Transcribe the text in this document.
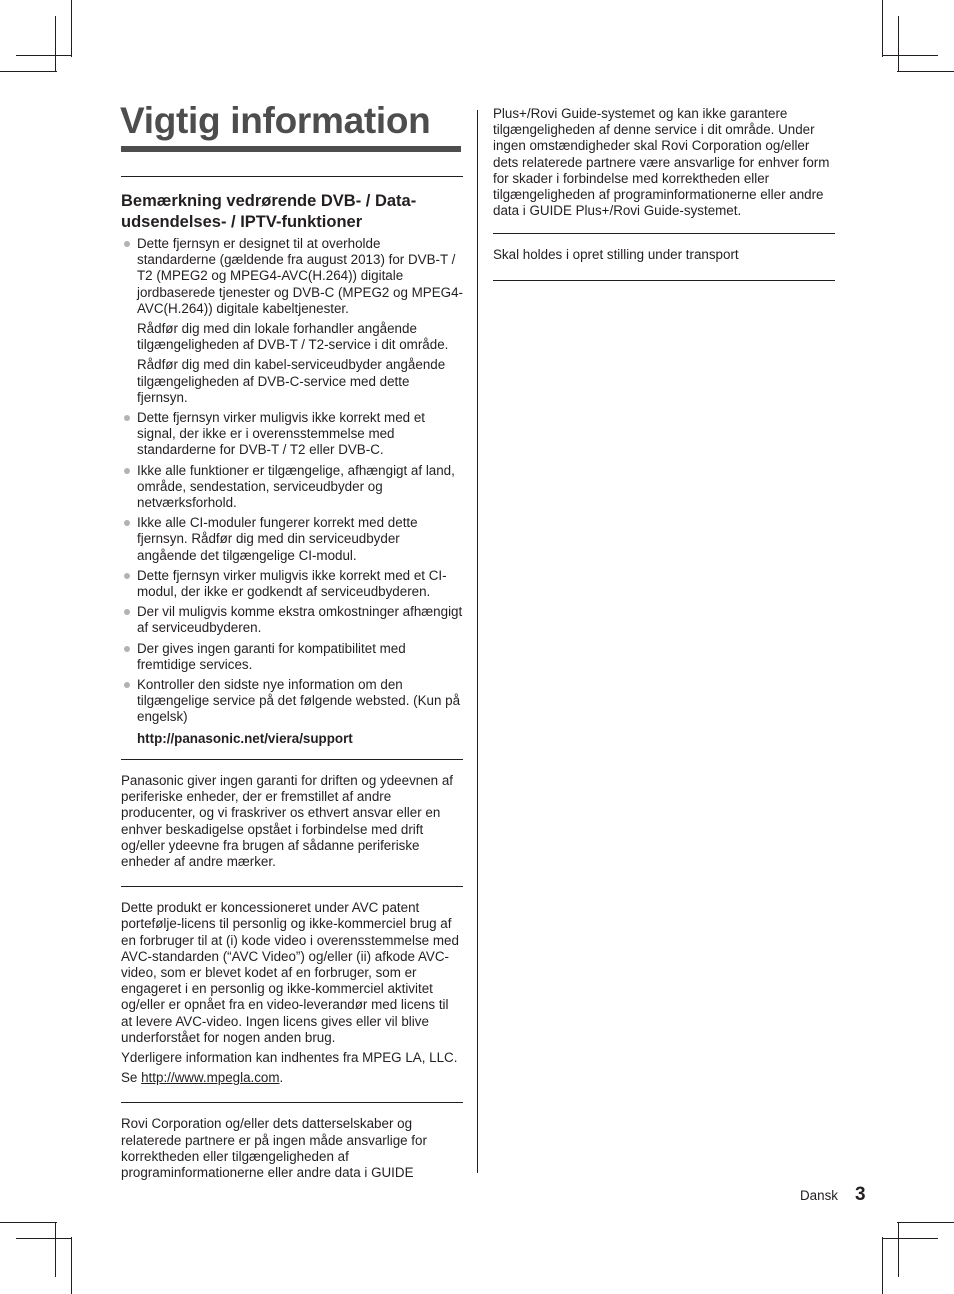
Vigtig information
Bemærkning vedrørende DVB- / Data-udsendelses- / IPTV-funktioner
Dette fjernsyn er designet til at overholde standarderne (gældende fra august 2013) for DVB-T / T2 (MPEG2 og MPEG4-AVC(H.264)) digitale jordbaserede tjenester og DVB-C (MPEG2 og MPEG4-AVC(H.264)) digitale kabeltjenester.

Rådfør dig med din lokale forhandler angående tilgængeligheden af DVB-T / T2-service i dit område.

Rådfør dig med din kabel-serviceudbyder angående tilgængeligheden af DVB-C-service med dette fjernsyn.

Dette fjernsyn virker muligvis ikke korrekt med et signal, der ikke er i overensstemmelse med standarderne for DVB-T / T2 eller DVB-C.
Ikke alle funktioner er tilgængelige, afhængigt af land, område, sendestation, serviceudbyder og netværksforhold.
Ikke alle CI-moduler fungerer korrekt med dette fjernsyn. Rådfør dig med din serviceudbyder angående det tilgængelige CI-modul.
Dette fjernsyn virker muligvis ikke korrekt med et CI-modul, der ikke er godkendt af serviceudbyderen.
Der vil muligvis komme ekstra omkostninger afhængigt af serviceudbyderen.
Der gives ingen garanti for kompatibilitet med fremtidige services.
Kontroller den sidste nye information om den tilgængelige service på det følgende websted. (Kun på engelsk)
http://panasonic.net/viera/support

Panasonic giver ingen garanti for driften og ydeevnen af periferiske enheder, der er fremstillet af andre producenter, og vi fraskriver os ethvert ansvar eller en enhver beskadigelse opstået i forbindelse med drift og/eller ydeevne fra brugen af sådanne periferiske enheder af andre mærker.

Dette produkt er koncessioneret under AVC patent portefølje-licens til personlig og ikke-kommerciel brug af en forbruger til at (i) kode video i overensstemmelse med AVC-standarden (“AVC Video”) og/eller (ii) afkode AVC-video, som er blevet kodet af en forbruger, som er engageret i en personlig og ikke-kommerciel aktivitet og/eller er opnået fra en video-leverandør med licens til at levere AVC-video. Ingen licens gives eller vil blive underforstået for nogen anden brug.

Yderligere information kan indhentes fra MPEG LA, LLC.

Se http://www.mpegla.com.

Rovi Corporation og/eller dets datterselskaber og relaterede partnere er på ingen måde ansvarlige for korrektheden eller tilgængeligheden af programinformationerne eller andre data i GUIDE

Plus+/Rovi Guide-systemet og kan ikke garantere tilgængeligheden af denne service i dit område. Under ingen omstændigheder skal Rovi Corporation og/eller dets relaterede partnere være ansvarlige for enhver form for skader i forbindelse med korrektheden eller tilgængeligheden af programinformationerne eller andre data i GUIDE Plus+/Rovi Guide-systemet.

Skal holdes i opret stilling under transport

Dansk 3
